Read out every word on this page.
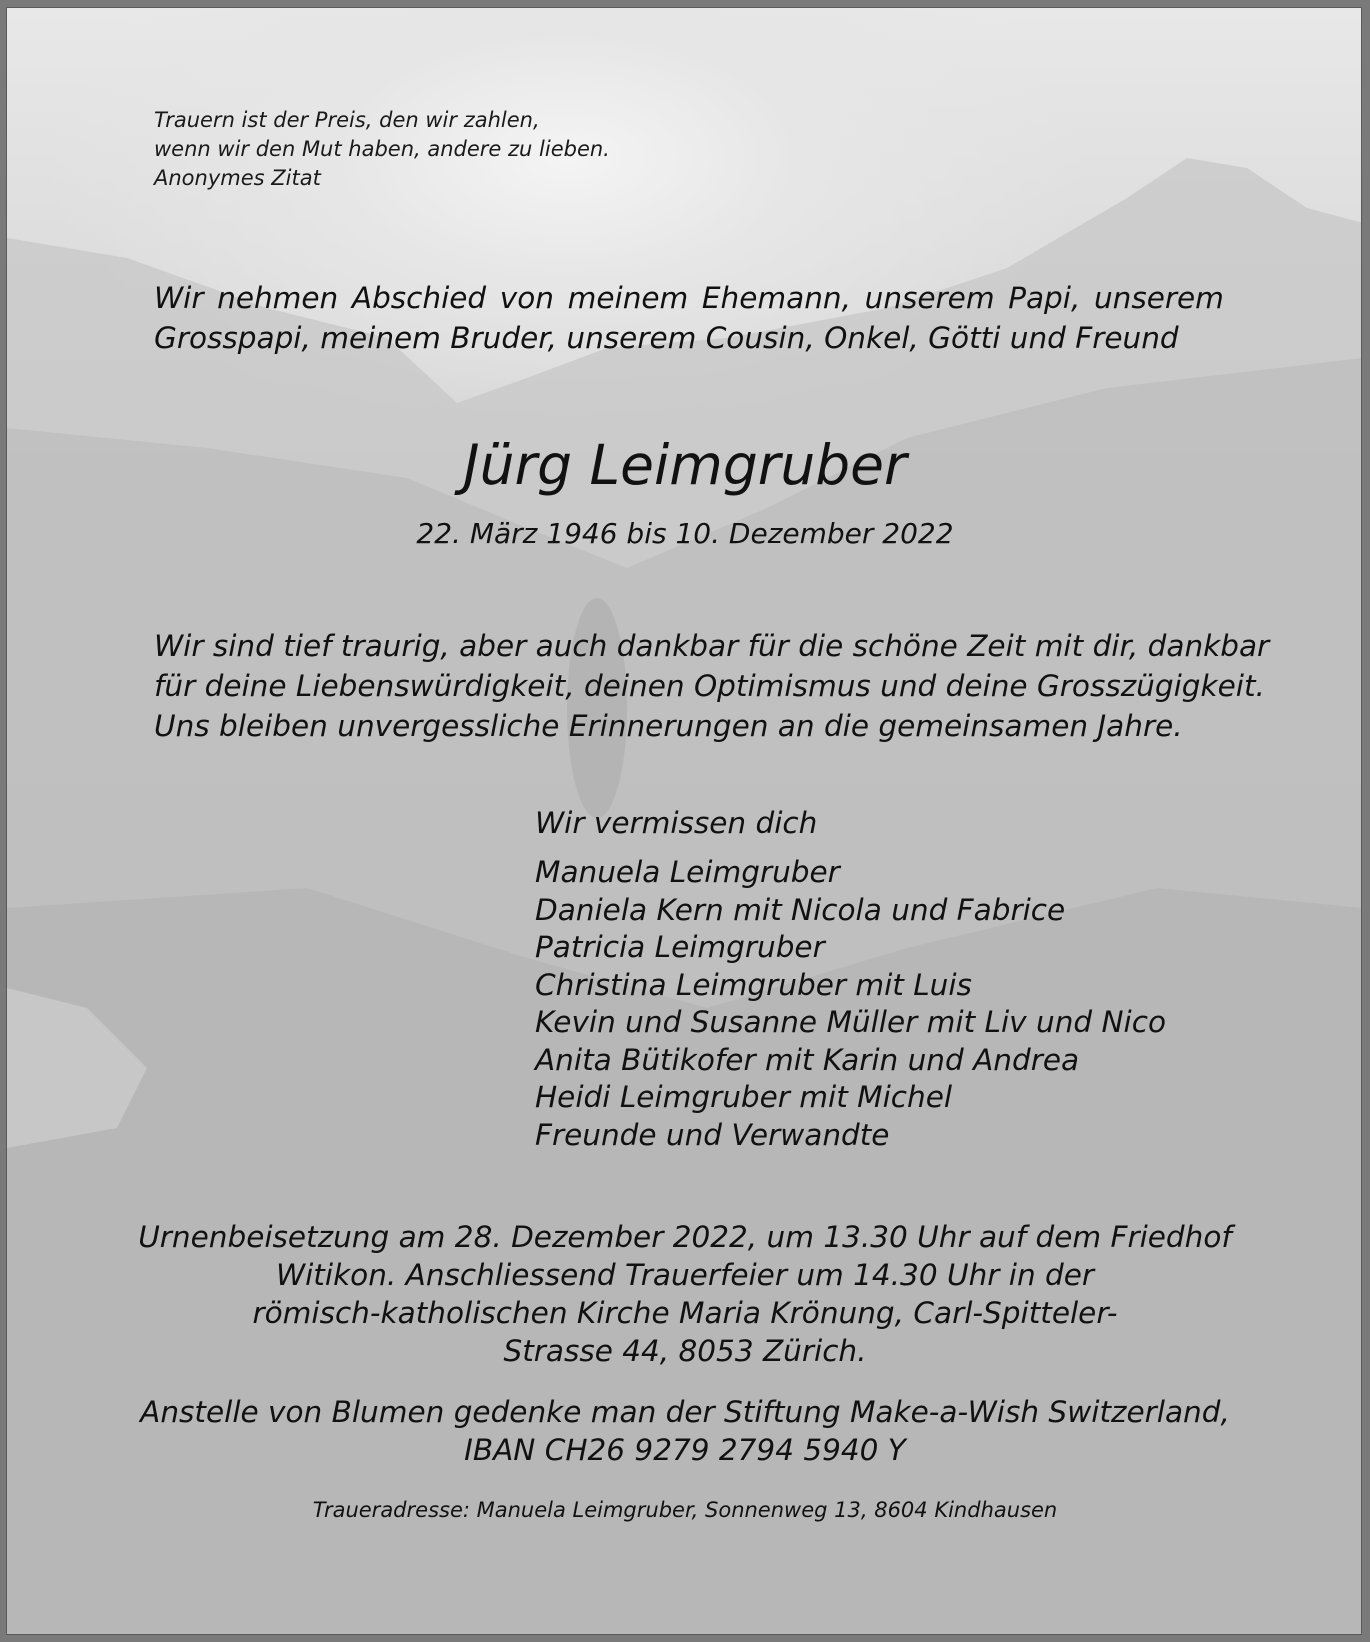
Trauern ist der Preis, den wir zahlen,
wenn wir den Mut haben, andere zu lieben.
Anonymes Zitat
Wir nehmen Abschied von meinem Ehemann, unserem Papi, unserem
Grosspapi, meinem Bruder, unserem Cousin, Onkel, Götti und Freund
Jürg Leimgruber
22. März 1946 bis 10. Dezember 2022
Wir sind tief traurig, aber auch dankbar für die schöne Zeit mit dir, dankbar
für deine Liebenswürdigkeit, deinen Optimismus und deine Grosszügigkeit.
Uns bleiben unvergessliche Erinnerungen an die gemeinsamen Jahre.
Wir vermissen dich
Manuela Leimgruber
Daniela Kern mit Nicola und Fabrice
Patricia Leimgruber
Christina Leimgruber mit Luis
Kevin und Susanne Müller mit Liv und Nico
Anita Bütikofer mit Karin und Andrea
Heidi Leimgruber mit Michel
Freunde und Verwandte
Urnenbeisetzung am 28. Dezember 2022, um 13.30 Uhr auf dem Friedhof
Witikon. Anschliessend Trauerfeier um 14.30 Uhr in der
römisch-katholischen Kirche Maria Krönung, Carl-Spitteler-
Strasse 44, 8053 Zürich.
Anstelle von Blumen gedenke man der Stiftung Make-a-Wish Switzerland,
IBAN CH26 9279 2794 5940 Y
Traueradresse: Manuela Leimgruber, Sonnenweg 13, 8604 Kindhausen
